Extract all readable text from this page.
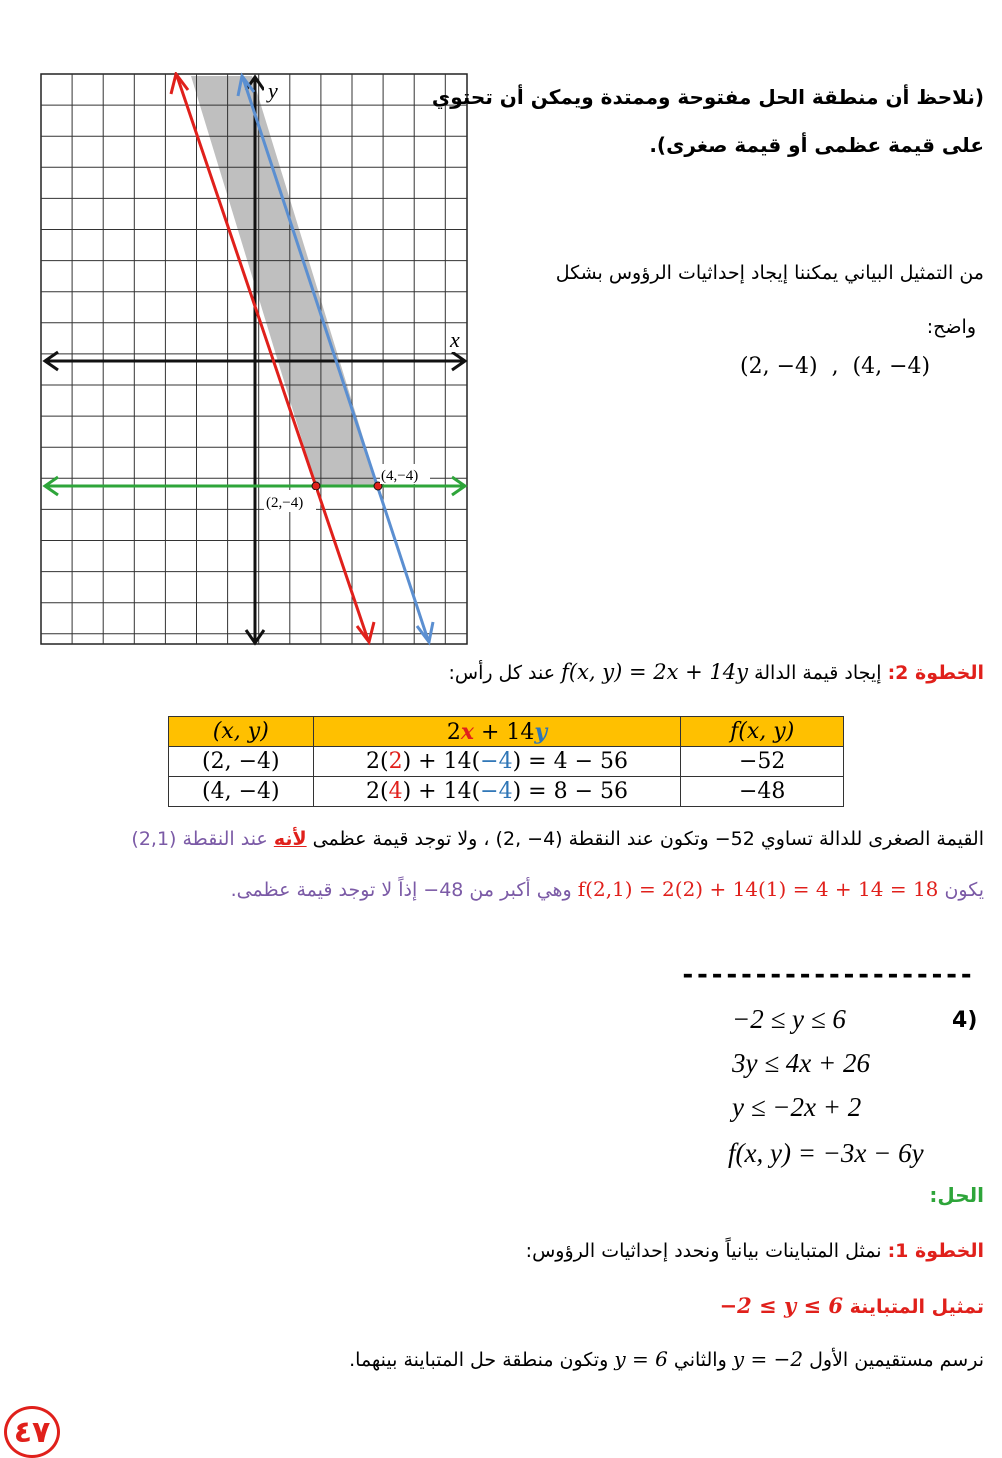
y
x
(2,−4)
(4,−4)
(نلاحظ أن منطقة الحل مفتوحة وممتدة ويمكن أن تحتوي
على قيمة عظمى أو قيمة صغرى).
من التمثيل البياني يمكننا إيجاد إحداثيات الرؤوس بشكل
واضح:
(2, −4)  ,  (4, −4)
الخطوة 2: إيجاد قيمة الدالة f(x, y) = 2x + 14y عند كل رأس:
(x, y)	2x + 14y	f(x, y)
(2, −4)	2(2) + 14(−4) = 4 − 56	−52
(4, −4)	2(4) + 14(−4) = 8 − 56	−48
القيمة الصغرى للدالة تساوي 52− وتكون عند النقطة (4− ,2) ، ولا توجد قيمة عظمى لأنه عند النقطة (2,1)
يكون f(2,1) = 2(2) + 14(1) = 4 + 14 = 18 وهي أكبر من 48− إذاً لا توجد قيمة عظمى.
--------------------
(4
−2 ≤ y ≤ 6
3y ≤ 4x + 26
y ≤ −2x + 2
f(x, y) = −3x − 6y
الحل:
الخطوة 1: نمثل المتباينات بيانياً ونحدد إحداثيات الرؤوس:
تمثيل المتباينة −2 ≤ y ≤ 6
نرسم مستقيمين الأول y = −2 والثاني y = 6 وتكون منطقة حل المتباينة بينهما.
٤٧
